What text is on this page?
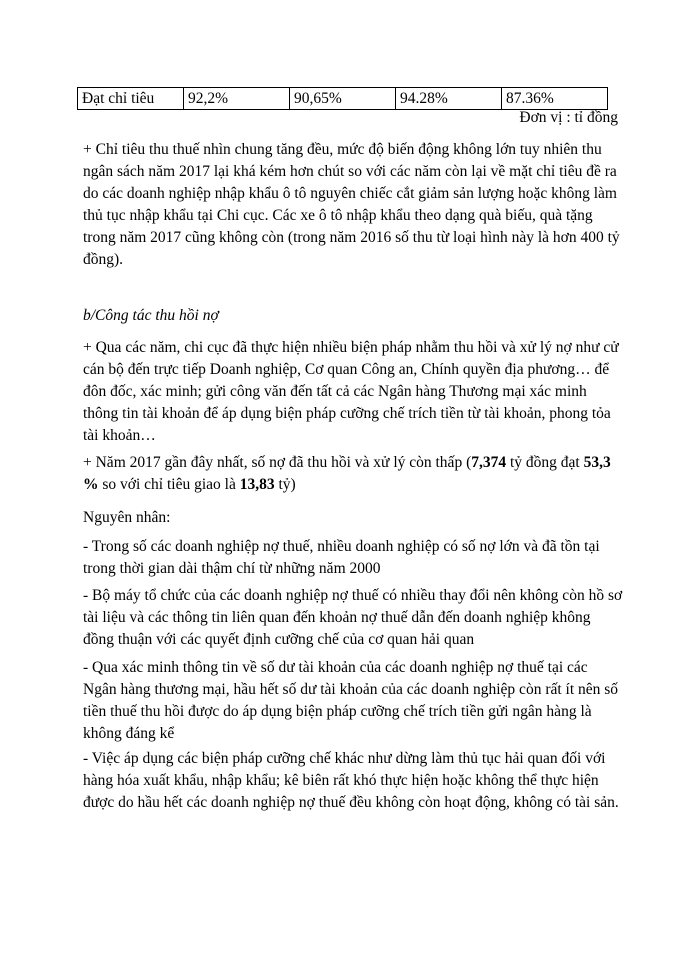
Đạt chỉ tiêu	92,2%	90,65%	94.28%	87.36%
Đơn vị : tỉ đồng

+ Chỉ tiêu thu thuế nhìn chung tăng đều, mức độ biến động không lớn tuy nhiên thu ngân sách năm 2017 lại khá kém hơn chút so với các năm còn lại về mặt chỉ tiêu đề ra do các doanh nghiệp nhập khẩu ô tô nguyên chiếc cắt giảm sản lượng hoặc không làm thủ tục nhập khẩu tại Chi cục. Các xe ô tô nhập khẩu theo dạng quà biếu, quà tặng trong năm 2017 cũng không còn (trong năm 2016 số thu từ loại hình này là hơn 400 tỷ đồng).

b/Công tác thu hồi nợ

+ Qua các năm, chi cục đã thực hiện nhiều biện pháp nhằm thu hồi và xử lý nợ như cử cán bộ đến trực tiếp Doanh nghiệp, Cơ quan Công an, Chính quyền địa phương… để đôn đốc, xác minh; gửi công văn đến tất cả các Ngân hàng Thương mại xác minh thông tin tài khoản để áp dụng biện pháp cưỡng chế trích tiền từ tài khoản, phong tỏa tài khoản…

+ Năm 2017 gần đây nhất, số nợ đã thu hồi và xử lý còn thấp (7,374 tỷ đồng đạt 53,3 % so với chỉ tiêu giao là 13,83 tỷ)

Nguyên nhân:

- Trong số các doanh nghiệp nợ thuế, nhiều doanh nghiệp có số nợ lớn và đã tồn tại trong thời gian dài thậm chí từ những năm 2000

- Bộ máy tổ chức của các doanh nghiệp nợ thuế có nhiều thay đổi nên không còn hồ sơ tài liệu và các thông tin liên quan đến khoản nợ thuế dẫn đến doanh nghiệp không đồng thuận với các quyết định cưỡng chế của cơ quan hải quan

- Qua xác minh thông tin về số dư tài khoản của các doanh nghiệp nợ thuế tại các Ngân hàng thương mại, hầu hết số dư tài khoản của các doanh nghiệp còn rất ít nên số tiền thuế thu hồi được do áp dụng biện pháp cưỡng chế trích tiền gửi ngân hàng là không đáng kể

- Việc áp dụng các biện pháp cưỡng chế khác như dừng làm thủ tục hải quan đối với hàng hóa xuất khẩu, nhập khẩu; kê biên rất khó thực hiện hoặc không thể thực hiện được do hầu hết các doanh nghiệp nợ thuế đều không còn hoạt động, không có tài sản.
